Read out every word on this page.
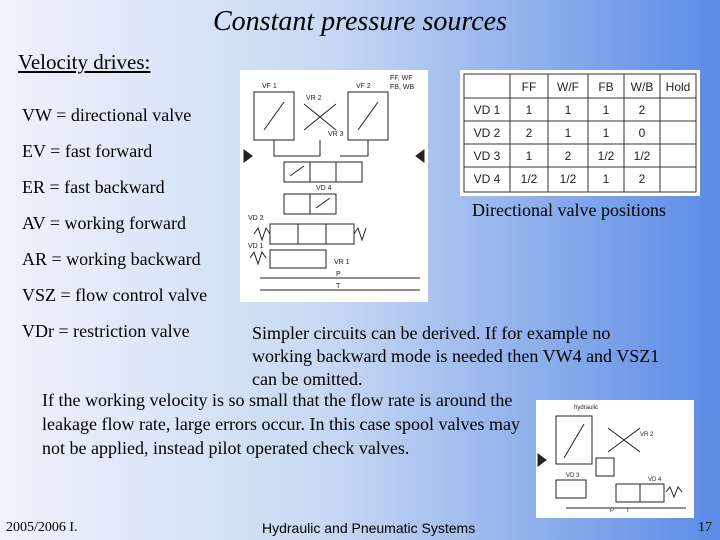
Constant pressure sources
Velocity drives:
VW = directional valve
EV = fast forward
ER = fast backward
AV = working forward
AR = working backward
VSZ = flow control valve
VDr = restriction valve
FF, WF
FB, WB
VF 1
VR 2
VF 2
VR 3
VD 4
VD 2
VD 1
VR 1
P
T
FF W/F FB W/B Hold
VD 1 1	1	1 2
VD 2 2	1	1 0
VD 3 1	2 1/2 1/2
VD 4 1/2 1/2 1 2
Directional valve positions
Simpler circuits can be derived. If for example no working backward mode is needed then VW4 and VSZ1 can be omitted.
If the working velocity is so small that the flow rate is around the leakage flow rate, large errors occur. In this case spool valves may not be applied, instead pilot operated check valves.
hydraulic
VR 2
VD 3
VD 4
P T
2005/2006 I.	Hydraulic and Pneumatic Systems	17
